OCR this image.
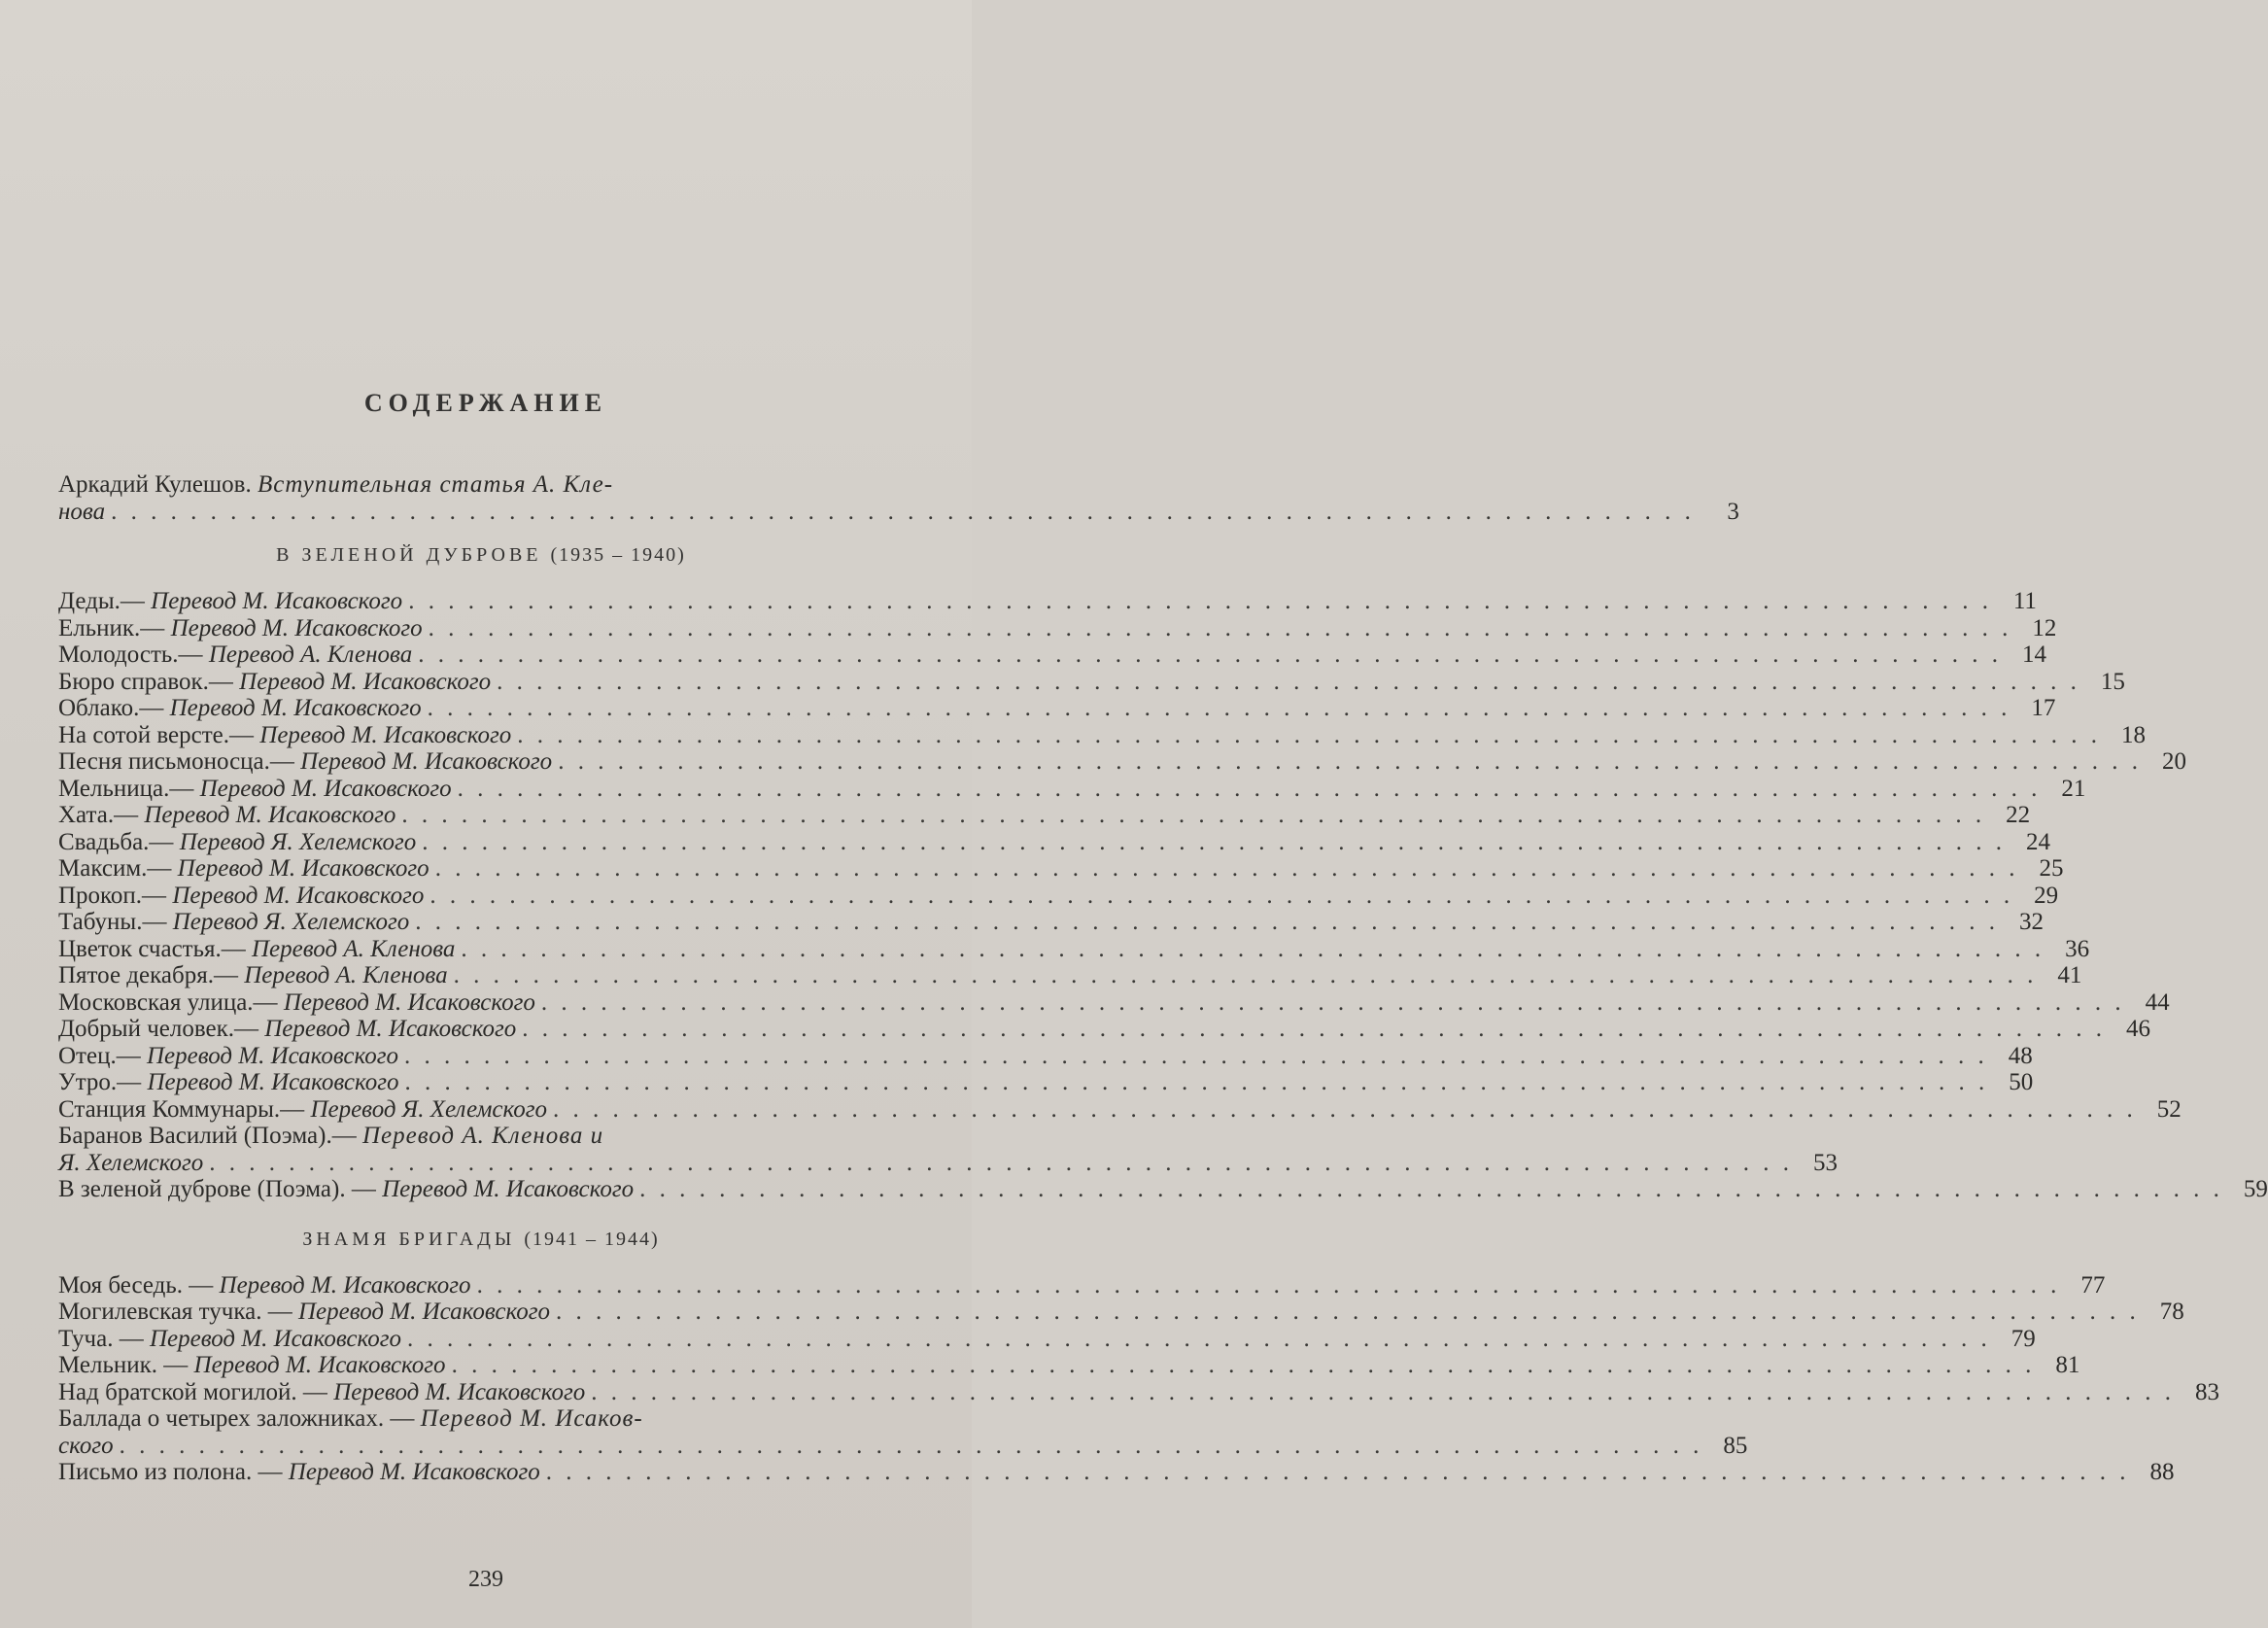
СОДЕРЖАНИЕ
Аркадий Кулешов. Вступительная статья А. Кле-
нова . . . . . . . . . . . . . . . . . . . . . . . . . . . . . . . . . . . . . . . . . . . . . . . . . . . . . . . . . . . . . . . . . . . . . . . . . . . . . . . .	3
В ЗЕЛЕНОЙ ДУБРОВЕ (1935 – 1940)
Деды.— Перевод М. Исаковского . . . . . . . . . . . . . . . . . . . . . . . . . . . . . . . . . . . . . . . . . . . . . . . . . . . . . . . . . . . . . . . . . . . . . . . . . . . . . . . . 11
Ельник.— Перевод М. Исаковского . . . . . . . . . . . . . . . . . . . . . . . . . . . . . . . . . . . . . . . . . . . . . . . . . . . . . . . . . . . . . . . . . . . . . . . . . . . . . . . . 12
Молодость.— Перевод А. Кленова . . . . . . . . . . . . . . . . . . . . . . . . . . . . . . . . . . . . . . . . . . . . . . . . . . . . . . . . . . . . . . . . . . . . . . . . . . . . . . . . 14
Бюро справок.— Перевод М. Исаковского . . . . . . . . . . . . . . . . . . . . . . . . . . . . . . . . . . . . . . . . . . . . . . . . . . . . . . . . . . . . . . . . . . . . . . . . . . . . . . . . 15
Облако.— Перевод М. Исаковского . . . . . . . . . . . . . . . . . . . . . . . . . . . . . . . . . . . . . . . . . . . . . . . . . . . . . . . . . . . . . . . . . . . . . . . . . . . . . . . . 17
На сотой версте.— Перевод М. Исаковского . . . . . . . . . . . . . . . . . . . . . . . . . . . . . . . . . . . . . . . . . . . . . . . . . . . . . . . . . . . . . . . . . . . . . . . . . . . . . . . . 18
Песня письмоносца.— Перевод М. Исаковского . . . . . . . . . . . . . . . . . . . . . . . . . . . . . . . . . . . . . . . . . . . . . . . . . . . . . . . . . . . . . . . . . . . . . . . . . . . . . . . . 20
Мельница.— Перевод М. Исаковского . . . . . . . . . . . . . . . . . . . . . . . . . . . . . . . . . . . . . . . . . . . . . . . . . . . . . . . . . . . . . . . . . . . . . . . . . . . . . . . . 21
Хата.— Перевод М. Исаковского . . . . . . . . . . . . . . . . . . . . . . . . . . . . . . . . . . . . . . . . . . . . . . . . . . . . . . . . . . . . . . . . . . . . . . . . . . . . . . . . 22
Свадьба.— Перевод Я. Хелемского . . . . . . . . . . . . . . . . . . . . . . . . . . . . . . . . . . . . . . . . . . . . . . . . . . . . . . . . . . . . . . . . . . . . . . . . . . . . . . . . 24
Максим.— Перевод М. Исаковского . . . . . . . . . . . . . . . . . . . . . . . . . . . . . . . . . . . . . . . . . . . . . . . . . . . . . . . . . . . . . . . . . . . . . . . . . . . . . . . . 25
Прокоп.— Перевод М. Исаковского . . . . . . . . . . . . . . . . . . . . . . . . . . . . . . . . . . . . . . . . . . . . . . . . . . . . . . . . . . . . . . . . . . . . . . . . . . . . . . . . 29
Табуны.— Перевод Я. Хелемского . . . . . . . . . . . . . . . . . . . . . . . . . . . . . . . . . . . . . . . . . . . . . . . . . . . . . . . . . . . . . . . . . . . . . . . . . . . . . . . . 32
Цветок счастья.— Перевод А. Кленова . . . . . . . . . . . . . . . . . . . . . . . . . . . . . . . . . . . . . . . . . . . . . . . . . . . . . . . . . . . . . . . . . . . . . . . . . . . . . . . . 36
Пятое декабря.— Перевод А. Кленова . . . . . . . . . . . . . . . . . . . . . . . . . . . . . . . . . . . . . . . . . . . . . . . . . . . . . . . . . . . . . . . . . . . . . . . . . . . . . . . . 41
Московская улица.— Перевод М. Исаковского . . . . . . . . . . . . . . . . . . . . . . . . . . . . . . . . . . . . . . . . . . . . . . . . . . . . . . . . . . . . . . . . . . . . . . . . . . . . . . . . 44
Добрый человек.— Перевод М. Исаковского . . . . . . . . . . . . . . . . . . . . . . . . . . . . . . . . . . . . . . . . . . . . . . . . . . . . . . . . . . . . . . . . . . . . . . . . . . . . . . . . 46
Отец.— Перевод М. Исаковского . . . . . . . . . . . . . . . . . . . . . . . . . . . . . . . . . . . . . . . . . . . . . . . . . . . . . . . . . . . . . . . . . . . . . . . . . . . . . . . . 48
Утро.— Перевод М. Исаковского . . . . . . . . . . . . . . . . . . . . . . . . . . . . . . . . . . . . . . . . . . . . . . . . . . . . . . . . . . . . . . . . . . . . . . . . . . . . . . . . 50
Станция Коммунары.— Перевод Я. Хелемского . . . . . . . . . . . . . . . . . . . . . . . . . . . . . . . . . . . . . . . . . . . . . . . . . . . . . . . . . . . . . . . . . . . . . . . . . . . . . . . . 52
Баранов Василий (Поэма).— Перевод А. Кленова и
Я. Хелемского . . . . . . . . . . . . . . . . . . . . . . . . . . . . . . . . . . . . . . . . . . . . . . . . . . . . . . . . . . . . . . . . . . . . . . . . . . . . . . . . 53
В зеленой дуброве (Поэма). — Перевод М. Исаковского . . . . . . . . . . . . . . . . . . . . . . . . . . . . . . . . . . . . . . . . . . . . . . . . . . . . . . . . . . . . . . . . . . . . . . . . . . . . . . . . 59
ЗНАМЯ БРИГАДЫ (1941 – 1944)
Моя беседь. — Перевод М. Исаковского . . . . . . . . . . . . . . . . . . . . . . . . . . . . . . . . . . . . . . . . . . . . . . . . . . . . . . . . . . . . . . . . . . . . . . . . . . . . . . . . 77
Могилевская тучка. — Перевод М. Исаковского . . . . . . . . . . . . . . . . . . . . . . . . . . . . . . . . . . . . . . . . . . . . . . . . . . . . . . . . . . . . . . . . . . . . . . . . . . . . . . . . 78
Туча. — Перевод М. Исаковского . . . . . . . . . . . . . . . . . . . . . . . . . . . . . . . . . . . . . . . . . . . . . . . . . . . . . . . . . . . . . . . . . . . . . . . . . . . . . . . . 79
Мельник. — Перевод М. Исаковского . . . . . . . . . . . . . . . . . . . . . . . . . . . . . . . . . . . . . . . . . . . . . . . . . . . . . . . . . . . . . . . . . . . . . . . . . . . . . . . . 81
Над братской могилой. — Перевод М. Исаковского . . . . . . . . . . . . . . . . . . . . . . . . . . . . . . . . . . . . . . . . . . . . . . . . . . . . . . . . . . . . . . . . . . . . . . . . . . . . . . . . 83
Баллада о четырех заложниках. — Перевод М. Исаков-
ского . . . . . . . . . . . . . . . . . . . . . . . . . . . . . . . . . . . . . . . . . . . . . . . . . . . . . . . . . . . . . . . . . . . . . . . . . . . . . . . . 85
Письмо из полона. — Перевод М. Исаковского . . . . . . . . . . . . . . . . . . . . . . . . . . . . . . . . . . . . . . . . . . . . . . . . . . . . . . . . . . . . . . . . . . . . . . . . . . . . . . . . 88
239
